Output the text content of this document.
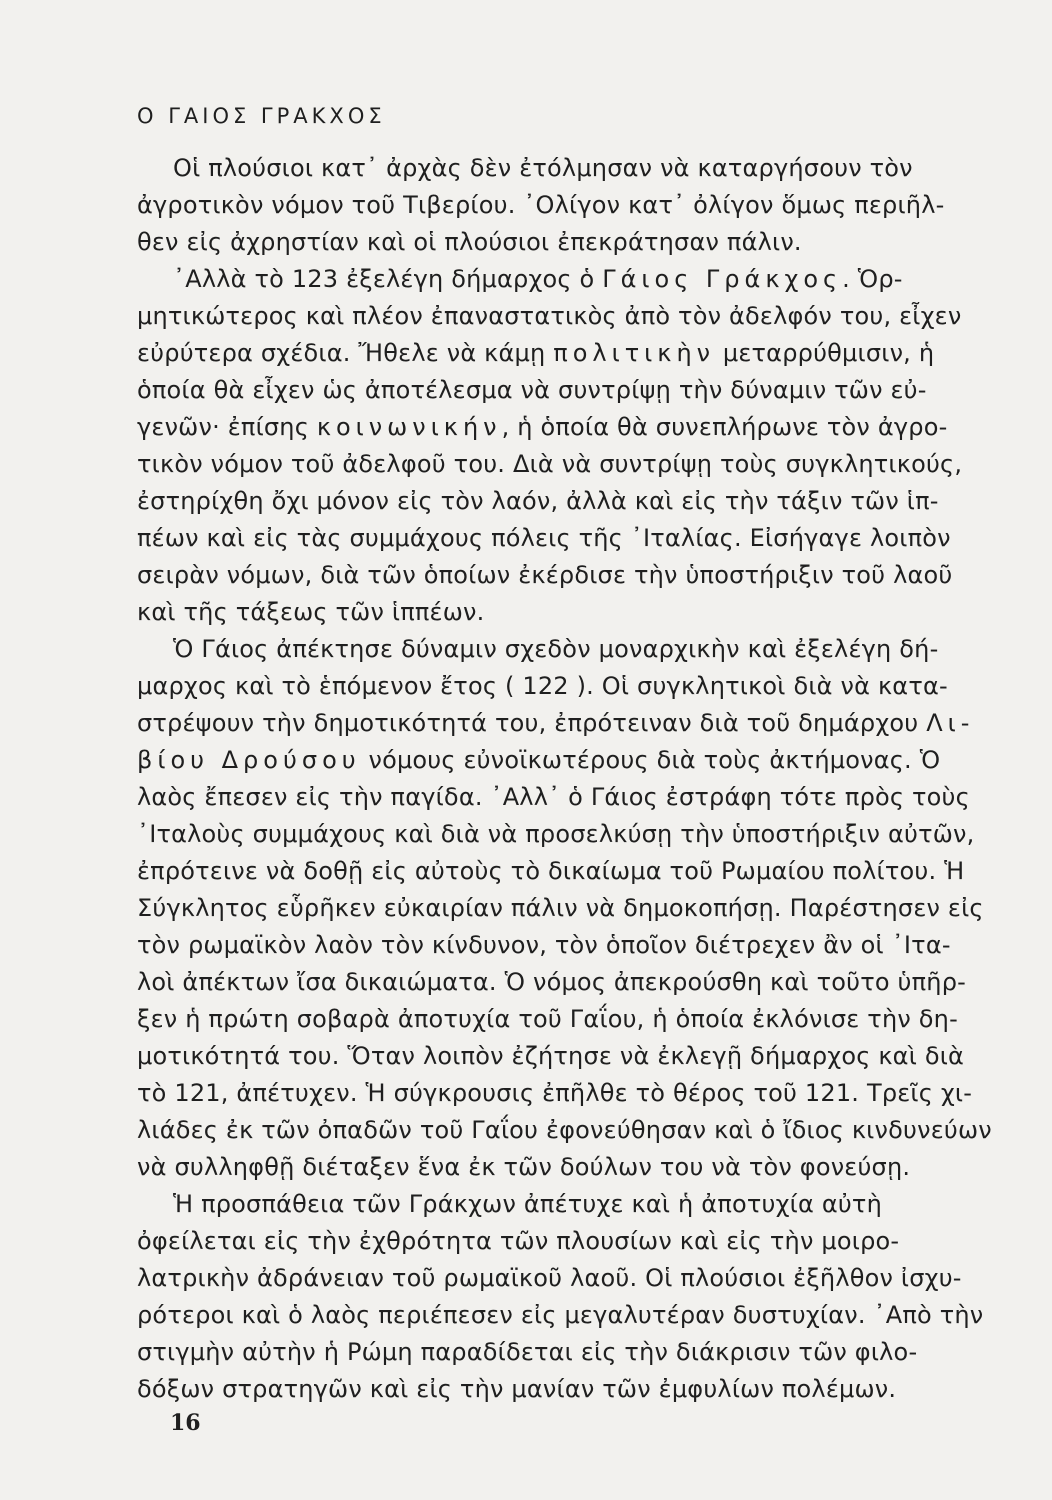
Ο ΓΑΙΟΣ ΓΡΑΚΧΟΣ
Οἱ πλούσιοι κατ᾽ ἀρχὰς δὲν ἐτόλμησαν νὰ καταργήσουν τὸν
ἀγροτικὸν νόμον τοῦ Τιβερίου. ᾽Ολίγον κατ᾽ ὀλίγον ὅμως περιῆλ-
θεν εἰς ἀχρηστίαν καὶ οἱ πλούσιοι ἐπεκράτησαν πάλιν.
᾽Αλλὰ τὸ 123 ἐξελέγη δήμαρχος ὁ Γάιος Γράκχος. Ὁρ-
μητικώτερος καὶ πλέον ἐπαναστατικὸς ἀπὸ τὸν ἀδελφόν του, εἶχεν
εὐρύτερα σχέδια. Ἤθελε νὰ κάμῃ πολιτικὴν μεταρρύθμισιν, ἡ
ὁποία θὰ εἶχεν ὡς ἀποτέλεσμα νὰ συντρίψῃ τὴν δύναμιν τῶν εὐ-
γενῶν· ἐπίσης κοινωνικήν, ἡ ὁποία θὰ συνεπλήρωνε τὸν ἀγρο-
τικὸν νόμον τοῦ ἀδελφοῦ του. Διὰ νὰ συντρίψῃ τοὺς συγκλητικούς,
ἐστηρίχθη ὄχι μόνον εἰς τὸν λαόν, ἀλλὰ καὶ εἰς τὴν τάξιν τῶν ἱπ-
πέων καὶ εἰς τὰς συμμάχους πόλεις τῆς ᾽Ιταλίας. Εἰσήγαγε λοιπὸν
σειρὰν νόμων, διὰ τῶν ὁποίων ἐκέρδισε τὴν ὑποστήριξιν τοῦ λαοῦ
καὶ τῆς τάξεως τῶν ἱππέων.
Ὁ Γάιος ἀπέκτησε δύναμιν σχεδὸν μοναρχικὴν καὶ ἐξελέγη δή-
μαρχος καὶ τὸ ἑπόμενον ἔτος ( 122 ). Οἱ συγκλητικοὶ διὰ νὰ κατα-
στρέψουν τὴν δημοτικότητά του, ἐπρότειναν διὰ τοῦ δημάρχου Λι-
βίου Δρούσου νόμους εὐνοϊκωτέρους διὰ τοὺς ἀκτήμονας. Ὁ
λαὸς ἔπεσεν εἰς τὴν παγίδα. ᾽Αλλ᾽ ὁ Γάιος ἐστράφη τότε πρὸς τοὺς
᾽Ιταλοὺς συμμάχους καὶ διὰ νὰ προσελκύσῃ τὴν ὑποστήριξιν αὐτῶν,
ἐπρότεινε νὰ δοθῇ εἰς αὐτοὺς τὸ δικαίωμα τοῦ Ρωμαίου πολίτου. Ἡ
Σύγκλητος εὗρῆκεν εὐκαιρίαν πάλιν νὰ δημοκοπήσῃ. Παρέστησεν εἰς
τὸν ρωμαϊκὸν λαὸν τὸν κίνδυνον, τὸν ὁποῖον διέτρεχεν ἂν οἱ ᾽Ιτα-
λοὶ ἀπέκτων ἴσα δικαιώματα. Ὁ νόμος ἀπεκρούσθη καὶ τοῦτο ὑπῆρ-
ξεν ἡ πρώτη σοβαρὰ ἀποτυχία τοῦ Γαΐου, ἡ ὁποία ἐκλόνισε τὴν δη-
μοτικότητά του. Ὅταν λοιπὸν ἐζήτησε νὰ ἐκλεγῇ δήμαρχος καὶ διὰ
τὸ 121, ἀπέτυχεν. Ἡ σύγκρουσις ἐπῆλθε τὸ θέρος τοῦ 121. Τρεῖς χι-
λιάδες ἐκ τῶν ὀπαδῶν τοῦ Γαΐου ἐφονεύθησαν καὶ ὁ ἴδιος κινδυνεύων
νὰ συλληφθῇ διέταξεν ἕνα ἐκ τῶν δούλων του νὰ τὸν φονεύσῃ.
Ἡ προσπάθεια τῶν Γράκχων ἀπέτυχε καὶ ἡ ἀποτυχία αὐτὴ
ὀφείλεται εἰς τὴν ἐχθρότητα τῶν πλουσίων καὶ εἰς τὴν μοιρο-
λατρικὴν ἀδράνειαν τοῦ ρωμαϊκοῦ λαοῦ. Οἱ πλούσιοι ἐξῆλθον ἰσχυ-
ρότεροι καὶ ὁ λαὸς περιέπεσεν εἰς μεγαλυτέραν δυστυχίαν. ᾽Απὸ τὴν
στιγμὴν αὐτὴν ἡ Ρώμη παραδίδεται εἰς τὴν διάκρισιν τῶν φιλο-
δόξων στρατηγῶν καὶ εἰς τὴν μανίαν τῶν ἐμφυλίων πολέμων.
16
